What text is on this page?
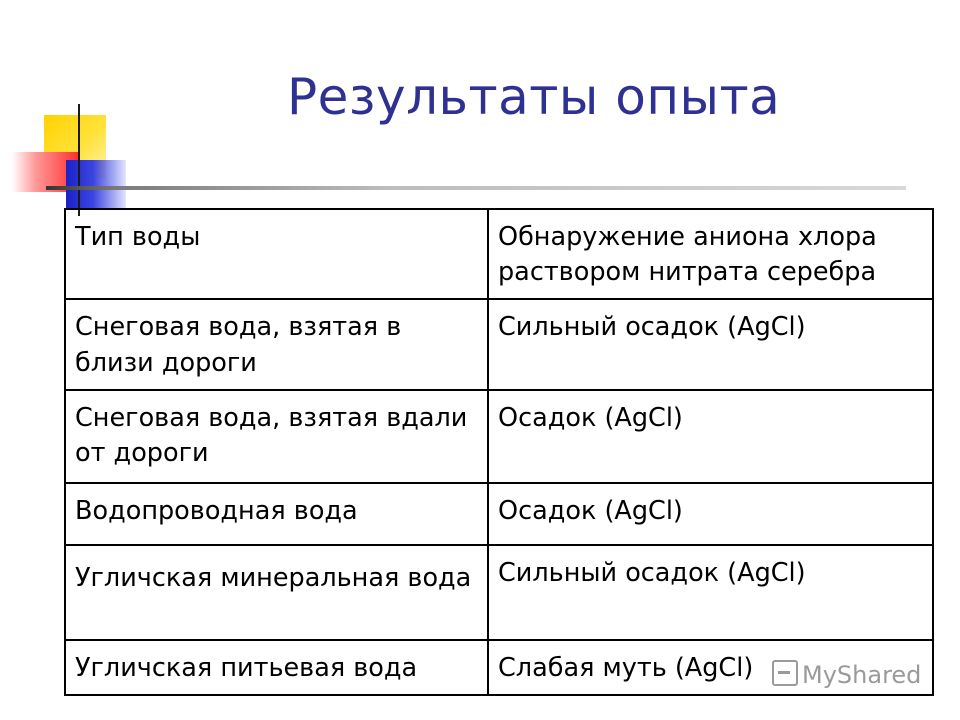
Результаты опыта
Тип воды	Обнаружение аниона хлора раствором нитрата серебра
Снеговая вода, взятая в близи дороги	Сильный осадок (AgCl)
Снеговая вода, взятая вдали от дороги	Осадок (AgCl)
Водопроводная вода	Осадок (AgCl)
Угличская минеральная вода	Сильный осадок (AgCl)
Угличская питьевая вода	Слабая муть (AgCl)	MyShared
